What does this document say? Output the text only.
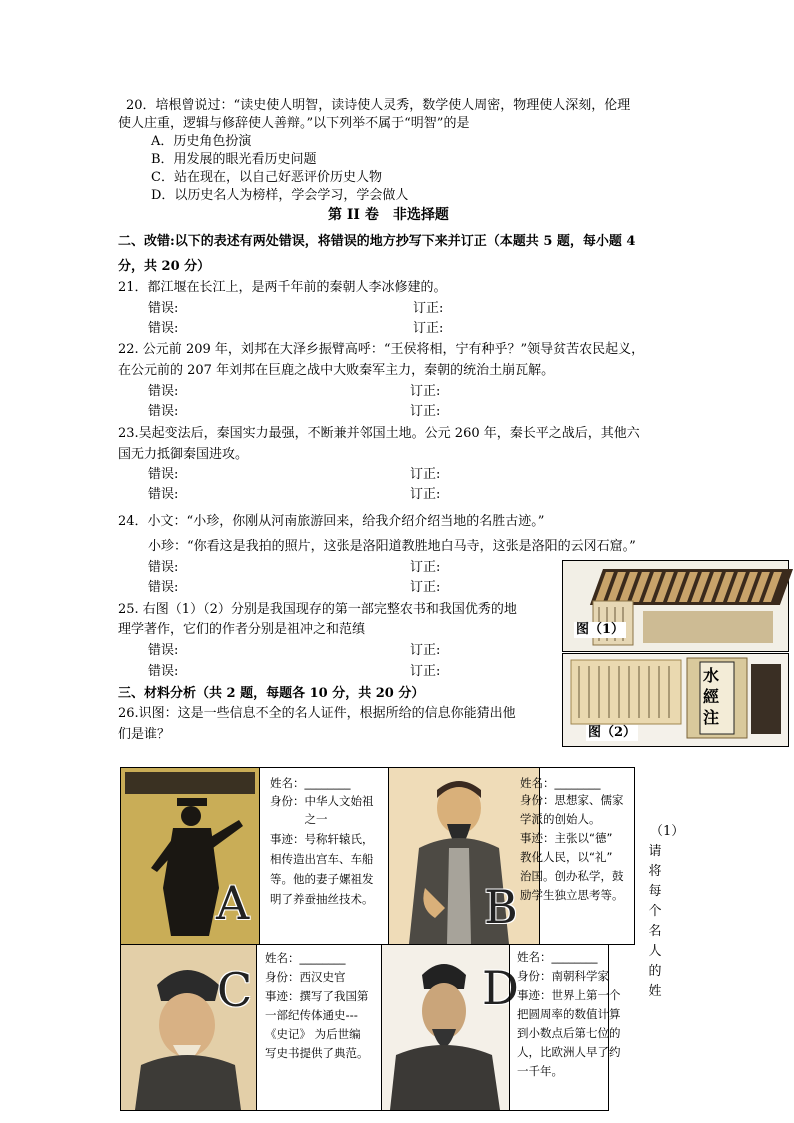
20．培根曾说过：“读史使人明智，读诗使人灵秀，数学使人周密，物理使人深刻，伦理
使人庄重，逻辑与修辞使人善辩。”以下列举不属于“明智”的是
A．历史角色扮演
B．用发展的眼光看历史问题
C．站在现在，以自己好恶评价历史人物
D．以历史名人为榜样，学会学习，学会做人
第 II 卷　非选择题
二、改错:以下的表述有两处错误，将错误的地方抄写下来并订正（本题共 5 题，每小题 4
分，共 20 分）
21．都江堰在长江上，是两千年前的秦朝人李冰修建的。
错误:	订正:
错误:	订正:
22. 公元前 209 年，刘邦在大泽乡振臂高呼：“王侯将相，宁有种乎？”领导贫苦农民起义，
在公元前的 207 年刘邦在巨鹿之战中大败秦军主力，秦朝的统治土崩瓦解。
错误:	订正:
错误:	订正:
23.吴起变法后，秦国实力最强，不断兼并邻国土地。公元 260 年，秦长平之战后，其他六
国无力抵御秦国进攻。
错误:	订正:
错误:	订正:
24．小文：“小珍，你刚从河南旅游回来，给我介绍介绍当地的名胜古迹。”
小珍：“你看这是我拍的照片，这张是洛阳道教胜地白马寺，这张是洛阳的云冈石窟。”
错误:	订正:
错误:	订正:
25. 右图（1）（2）分别是我国现存的第一部完整农书和我国优秀的地
理学著作，它们的作者分别是祖冲之和范缜
错误:	订正:
错误:	订正:
三、材料分析（共 2 题，每题各 10 分，共 20 分）
26.识图：这是一些信息不全的名人证件，根据所给的信息你能猜出他
们是谁？
图（1）
水經注
图（2）
A
姓名：________
身份：中华人文始祖
　　　之一
事迹：号称轩辕氏，
相传造出宫车、车船
等。他的妻子嫘祖发
明了养蚕抽丝技术。 B
姓名：________
身份：思想家、儒家
学派的创始人。
事迹：主张以“德”
教化人民，以“礼”
治国。创办私学，鼓
励学生独立思考等。
C
姓名：________
身份：西汉史官
事迹：撰写了我国第
一部纪传体通史---
《史记》 为后世编
写史书提供了典范。
D
姓名：________
身份：南朝科学家
事迹：世界上第一个
把圆周率的数值计算
到小数点后第七位的
人，比欧洲人早了约
一千年。
（1）
请
将
每
个
名
人
的
姓
